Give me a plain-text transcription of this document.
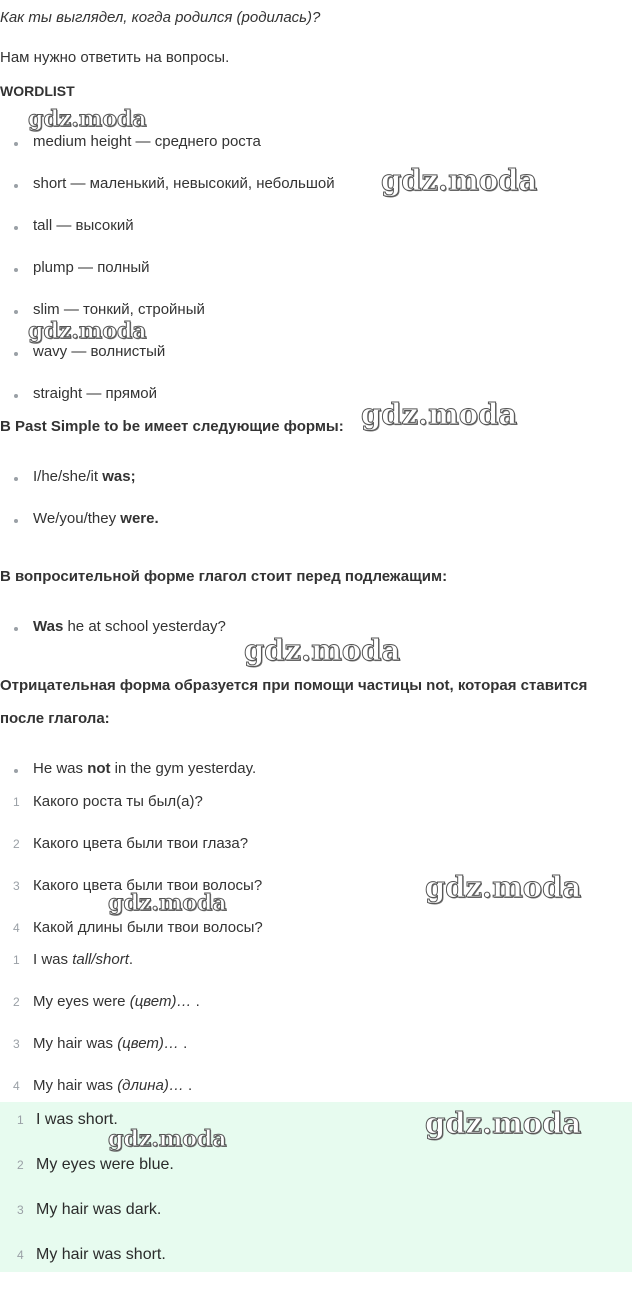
Как ты выглядел, когда родился (родилась)?
Нам нужно ответить на вопросы.
WORDLIST
medium height — среднего роста
short — маленький, невысокий, небольшой
tall — высокий
plump — полный
slim — тонкий, стройный
wavy — волнистый
straight — прямой
В Past Simple to be имеет следующие формы:
I/he/she/it was;
We/you/they were.
В вопросительной форме глагол стоит перед подлежащим:
Was he at school yesterday?
Отрицательная форма образуется при помощи частицы not, которая ставится
после глагола:
He was not in the gym yesterday.
1 Какого роста ты был(а)?
2 Какого цвета были твои глаза?
3 Какого цвета были твои волосы?
4 Какой длины были твои волосы?
1 I was tall/short.
2 My eyes were (цвет)… .
3 My hair was (цвет)… .
4 My hair was (длина)… .
1 I was short.
2 My eyes were blue.
3 My hair was dark.
4 My hair was short.
gdz.moda
gdz.moda
gdz.moda
gdz.moda
gdz.moda
gdz.moda
gdz.moda
gdz.moda
gdz.moda
